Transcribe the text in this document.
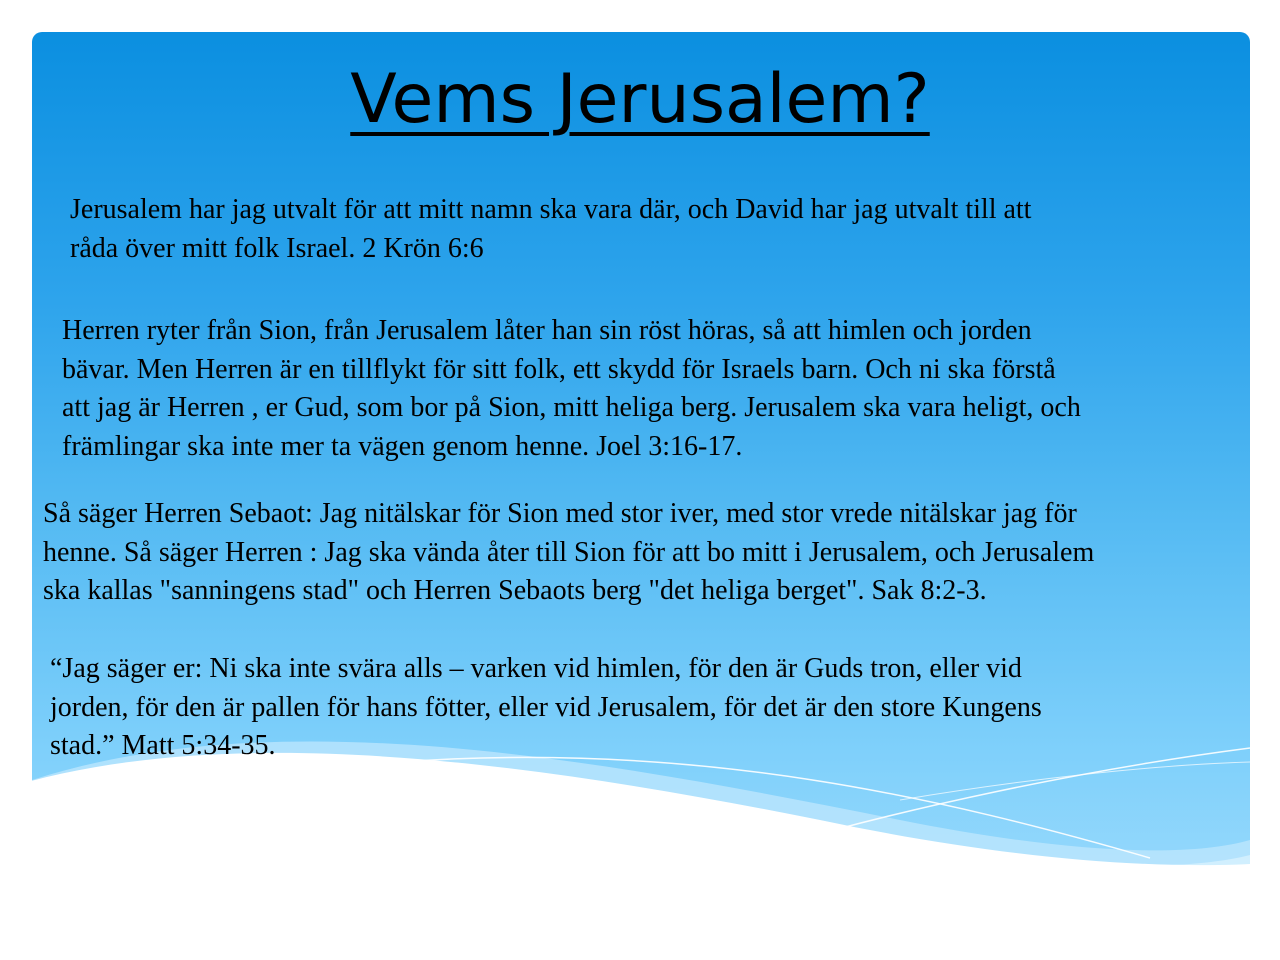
Vems Jerusalem?

Jerusalem har jag utvalt för att mitt namn ska vara där, och David har jag utvalt till att
råda över mitt folk Israel. 2 Krön 6:6

Herren ryter från Sion, från Jerusalem låter han sin röst höras, så att himlen och jorden
bävar. Men Herren är en tillflykt för sitt folk, ett skydd för Israels barn. Och ni ska förstå
att jag är Herren , er Gud, som bor på Sion, mitt heliga berg. Jerusalem ska vara heligt, och
främlingar ska inte mer ta vägen genom henne. Joel 3:16-17.

Så säger Herren Sebaot: Jag nitälskar för Sion med stor iver, med stor vrede nitälskar jag för
henne. Så säger Herren : Jag ska vända åter till Sion för att bo mitt i Jerusalem, och Jerusalem
ska kallas "sanningens stad" och Herren Sebaots berg "det heliga berget". Sak 8:2-3.

“Jag säger er: Ni ska inte svära alls – varken vid himlen, för den är Guds tron, eller vid
jorden, för den är pallen för hans fötter, eller vid Jerusalem, för det är den store Kungens
stad.” Matt 5:34-35.
